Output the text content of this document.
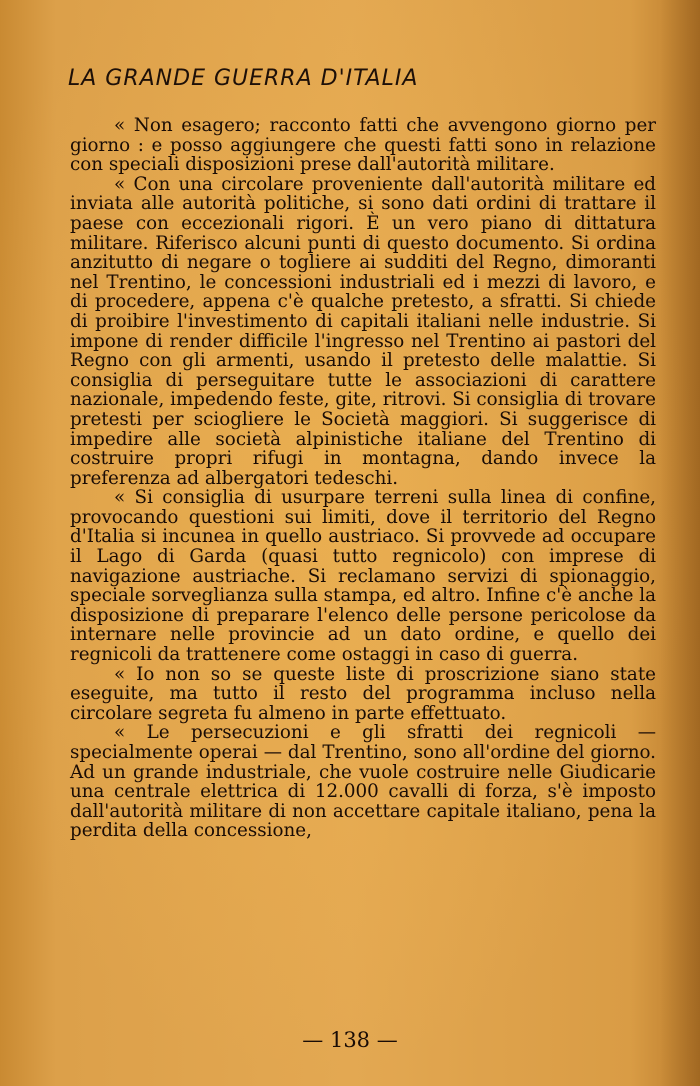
LA GRANDE GUERRA D'ITALIA

« Non esagero; racconto fatti che avvengono giorno per giorno : e posso aggiungere che questi fatti sono in relazione con speciali disposizioni prese dall'autorità militare.

« Con una circolare proveniente dall'autorità militare ed inviata alle autorità politiche, si sono dati ordini di trattare il paese con eccezionali rigori. È un vero piano di dittatura militare. Riferisco alcuni punti di questo documento. Si ordina anzitutto di negare o togliere ai sudditi del Regno, dimoranti nel Trentino, le concessioni industriali ed i mezzi di lavoro, e di procedere, appena c'è qualche pretesto, a sfratti. Si chiede di proibire l'investimento di capitali italiani nelle industrie. Si impone di render difficile l'ingresso nel Trentino ai pastori del Regno con gli armenti, usando il pretesto delle malattie. Si consiglia di perseguitare tutte le associazioni di carattere nazionale, impedendo feste, gite, ritrovi. Si consiglia di trovare pretesti per sciogliere le Società maggiori. Si suggerisce di impedire alle società alpinistiche italiane del Trentino di costruire propri rifugi in montagna, dando invece la preferenza ad albergatori tedeschi.

« Si consiglia di usurpare terreni sulla linea di confine, provocando questioni sui limiti, dove il territorio del Regno d'Italia si incunea in quello austriaco. Si provvede ad occupare il Lago di Garda (quasi tutto regnicolo) con imprese di navigazione austriache. Si reclamano servizi di spionaggio, speciale sorveglianza sulla stampa, ed altro. Infine c'è anche la disposizione di preparare l'elenco delle persone pericolose da internare nelle provincie ad un dato ordine, e quello dei regnicoli da trattenere come ostaggi in caso di guerra.

« Io non so se queste liste di proscrizione siano state eseguite, ma tutto il resto del programma incluso nella circolare segreta fu almeno in parte effettuato.

« Le persecuzioni e gli sfratti dei regnicoli — specialmente operai — dal Trentino, sono all'ordine del giorno. Ad un grande industriale, che vuole costruire nelle Giudicarie una centrale elettrica di 12.000 cavalli di forza, s'è imposto dall'autorità militare di non accettare capitale italiano, pena la perdita della concessione,

— 138 —
